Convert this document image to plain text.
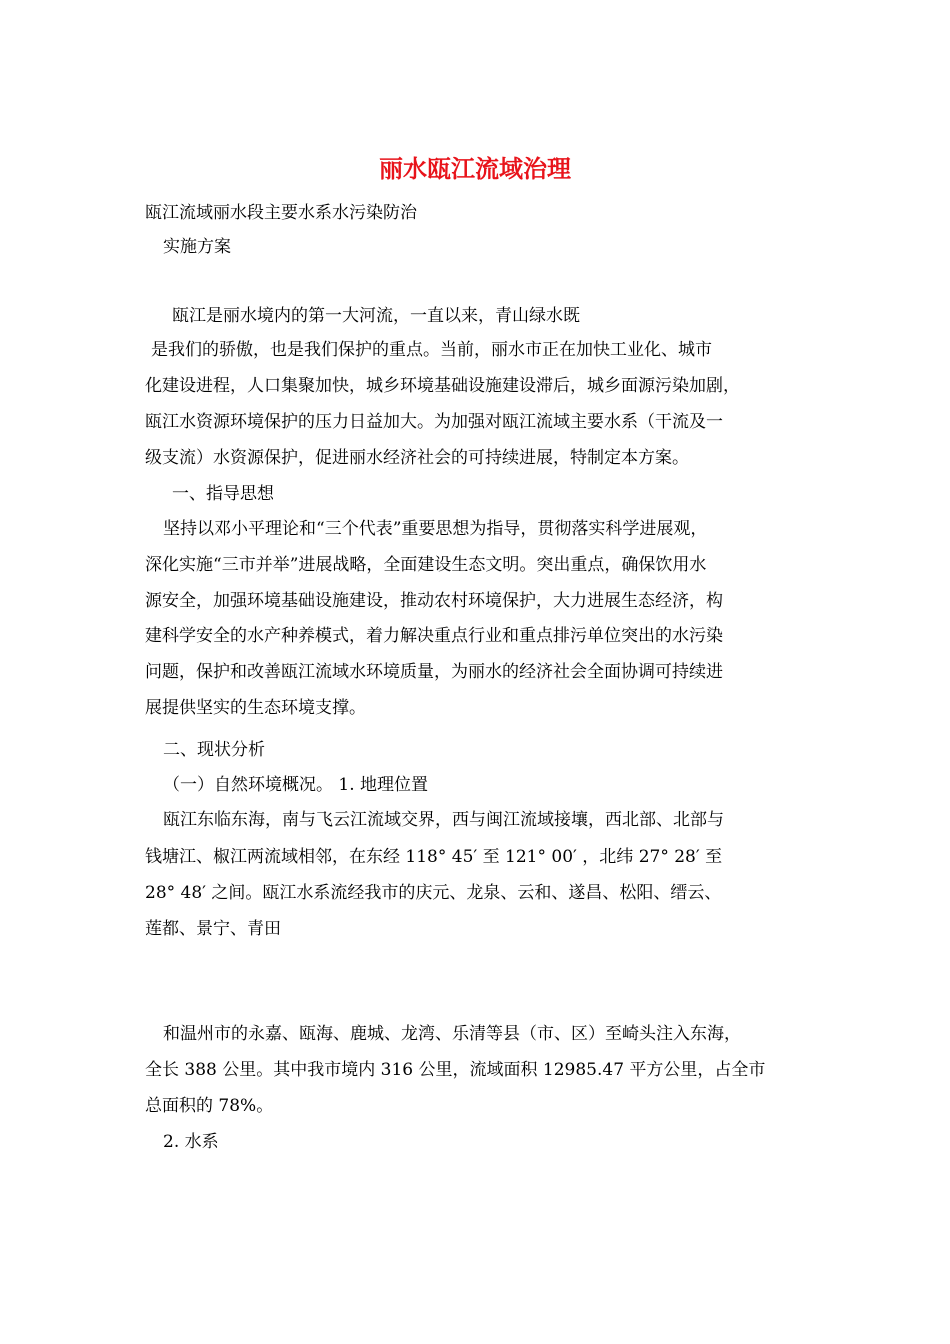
丽水瓯江流域治理
瓯江流域丽水段主要水系水污染防治
实施方案
瓯江是丽水境内的第一大河流，一直以来，青山绿水既
是我们的骄傲，也是我们保护的重点。当前，丽水市正在加快工业化、城市
化建设进程，人口集聚加快，城乡环境基础设施建设滞后，城乡面源污染加剧，
瓯江水资源环境保护的压力日益加大。为加强对瓯江流域主要水系（干流及一
级支流）水资源保护，促进丽水经济社会的可持续进展，特制定本方案。
一、指导思想
坚持以邓小平理论和“三个代表”重要思想为指导，贯彻落实科学进展观，
深化实施“三市并举”进展战略，全面建设生态文明。突出重点，确保饮用水
源安全，加强环境基础设施建设，推动农村环境保护，大力进展生态经济，构
建科学安全的水产种养模式，着力解决重点行业和重点排污单位突出的水污染
问题，保护和改善瓯江流域水环境质量，为丽水的经济社会全面协调可持续进
展提供坚实的生态环境支撑。
二、现状分析
（一）自然环境概况。 1. 地理位置
瓯江东临东海，南与飞云江流域交界，西与闽江流域接壤，西北部、北部与
钱塘江、椒江两流域相邻，在东经 118° 45′ 至 121° 00′ ，北纬 27° 28′ 至
28° 48′ 之间。瓯江水系流经我市的庆元、龙泉、云和、遂昌、松阳、缙云、
莲都、景宁、青田
和温州市的永嘉、瓯海、鹿城、龙湾、乐清等县（市、区）至崎头注入东海，
全长 388 公里。其中我市境内 316 公里，流域面积 12985.47 平方公里，占全市
总面积的 78%。
2. 水系
